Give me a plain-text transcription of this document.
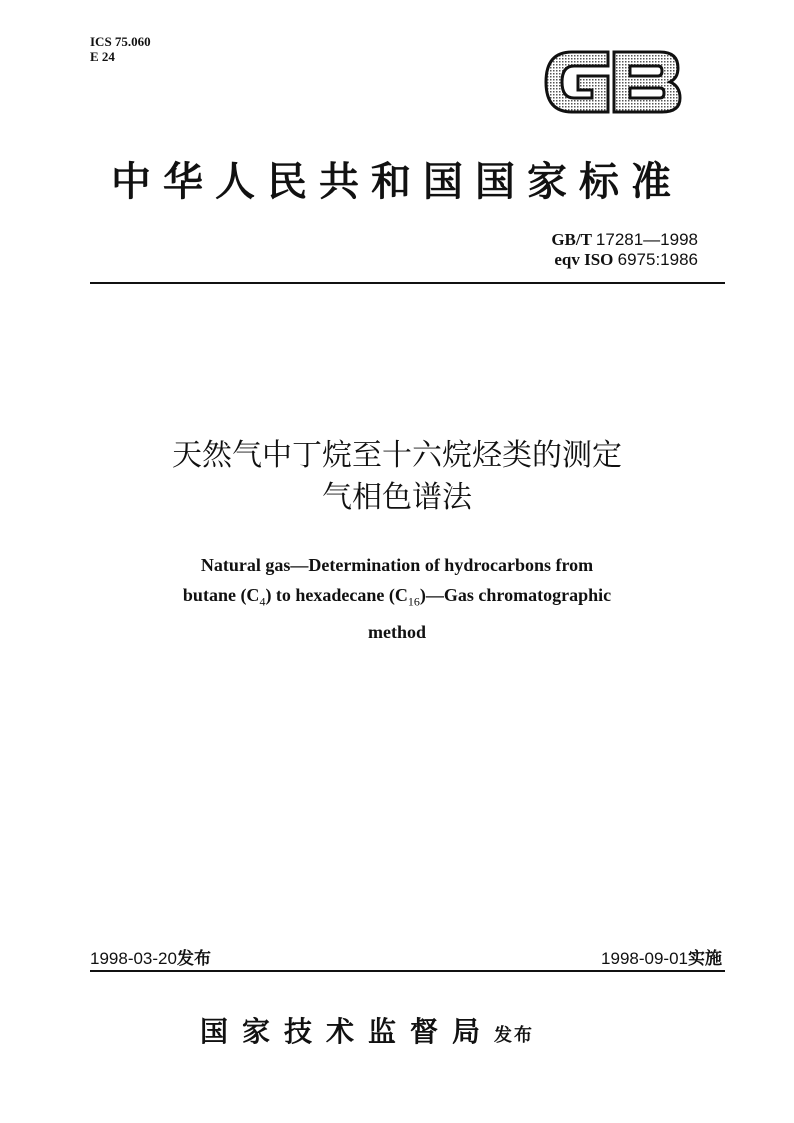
ICS 75.060
E 24
中华人民共和国国家标准
GB/T 17281—1998
eqv ISO 6975:1986
天然气中丁烷至十六烷烃类的测定
气相色谱法
Natural gas—Determination of hydrocarbons from
butane $(C_4)$ to hexadecane $(C_{16})—Gas$ chromatographic
method
1998-03-20发布	1998-09-01实施
国家技术监督局发布
